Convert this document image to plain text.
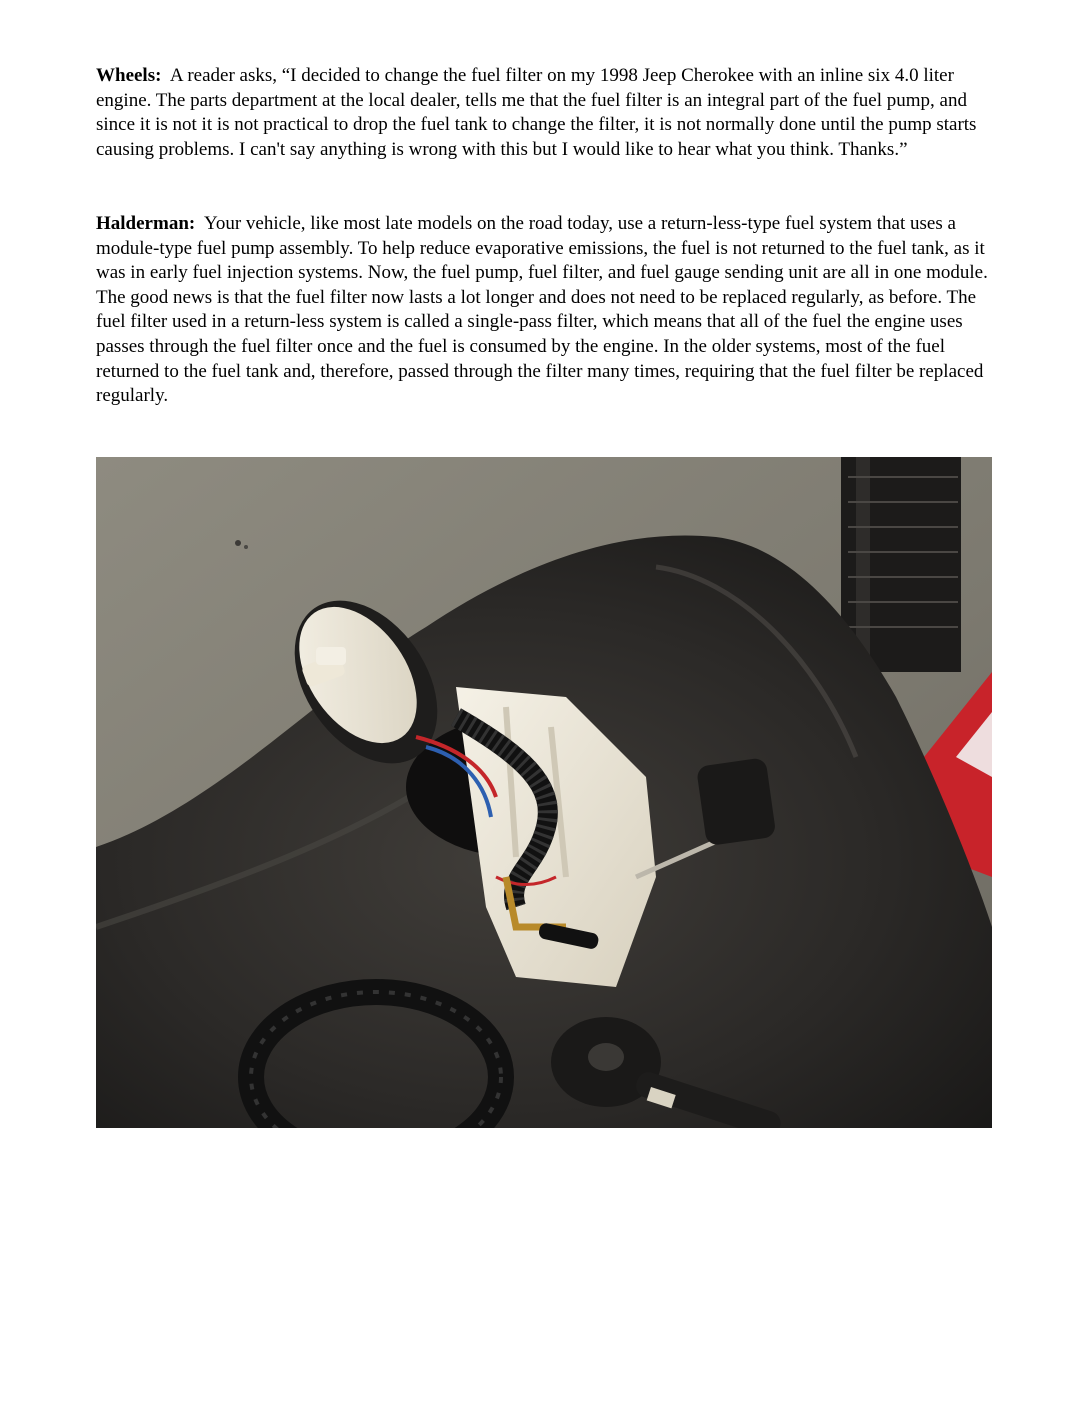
Wheels: A reader asks, “I decided to change the fuel filter on my 1998 Jeep Cherokee with an inline six 4.0 liter engine. The parts department at the local dealer, tells me that the fuel filter is an integral part of the fuel pump, and since it is not it is not practical to drop the fuel tank to change the filter, it is not normally done until the pump starts causing problems. I can't say anything is wrong with this but I would like to hear what you think. Thanks.”

Halderman: Your vehicle, like most late models on the road today, use a return-less-type fuel system that uses a module-type fuel pump assembly. To help reduce evaporative emissions, the fuel is not returned to the fuel tank, as it was in early fuel injection systems. Now, the fuel pump, fuel filter, and fuel gauge sending unit are all in one module. The good news is that the fuel filter now lasts a lot longer and does not need to be replaced regularly, as before. The fuel filter used in a return-less system is called a single-pass filter, which means that all of the fuel the engine uses passes through the fuel filter once and the fuel is consumed by the engine. In the older systems, most of the fuel returned to the fuel tank and, therefore, passed through the filter many times, requiring that the fuel filter be replaced regularly.
